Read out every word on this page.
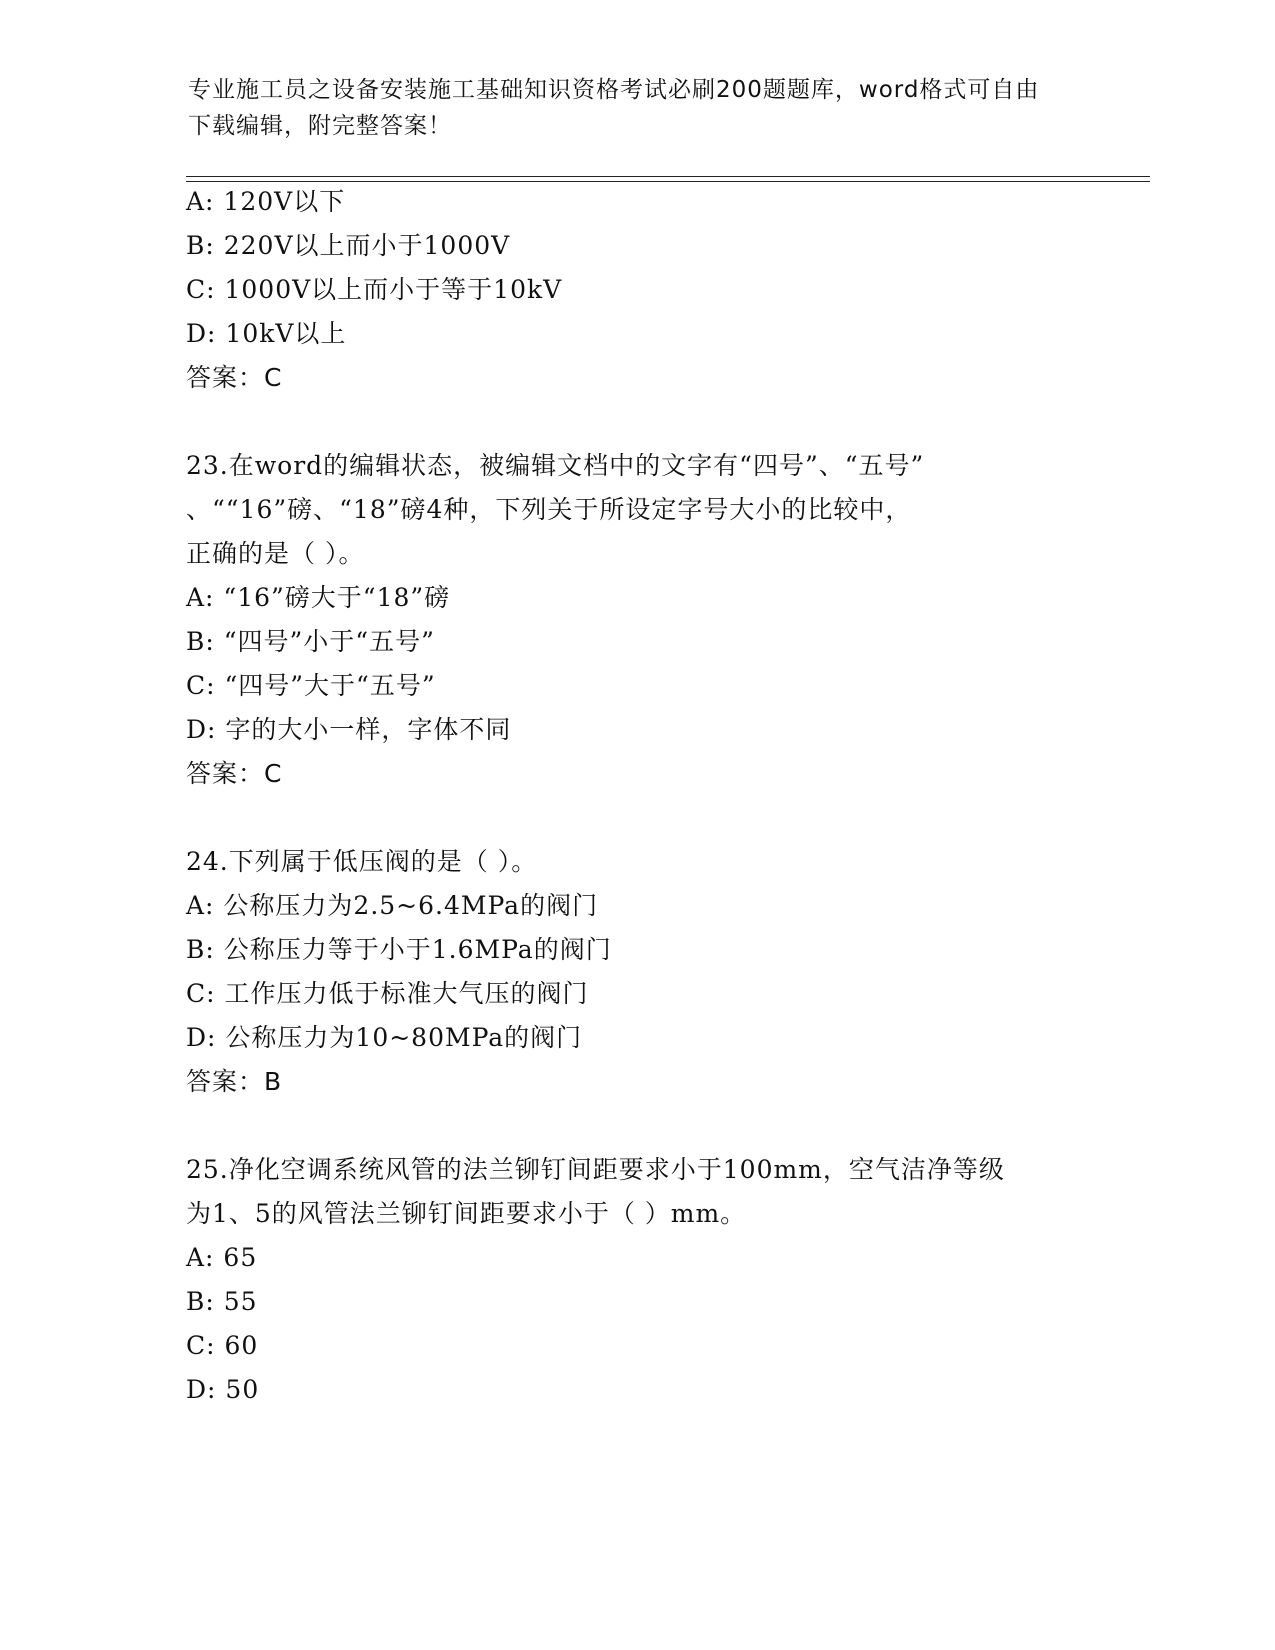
专业施工员之设备安装施工基础知识资格考试必刷200题题库，word格式可自由
下载编辑，附完整答案！
A: 120V以下
B: 220V以上而小于1000V
C: 1000V以上而小于等于10kV
D: 10kV以上
答案：C
23.在word的编辑状态，被编辑文档中的文字有“四号”、“五号”
、““16”磅、“18”磅4种，下列关于所设定字号大小的比较中，
正确的是（ ）。
A: “16”磅大于“18”磅
B: “四号”小于“五号”
C: “四号”大于“五号”
D: 字的大小一样，字体不同
答案：C
24.下列属于低压阀的是（ ）。
A: 公称压力为2.5~6.4MPa的阀门
B: 公称压力等于小于1.6MPa的阀门
C: 工作压力低于标准大气压的阀门
D: 公称压力为10~80MPa的阀门
答案：B
25.净化空调系统风管的法兰铆钉间距要求小于100mm，空气洁净等级
为1、5的风管法兰铆钉间距要求小于（ ）mm。
A: 65
B: 55
C: 60
D: 50
